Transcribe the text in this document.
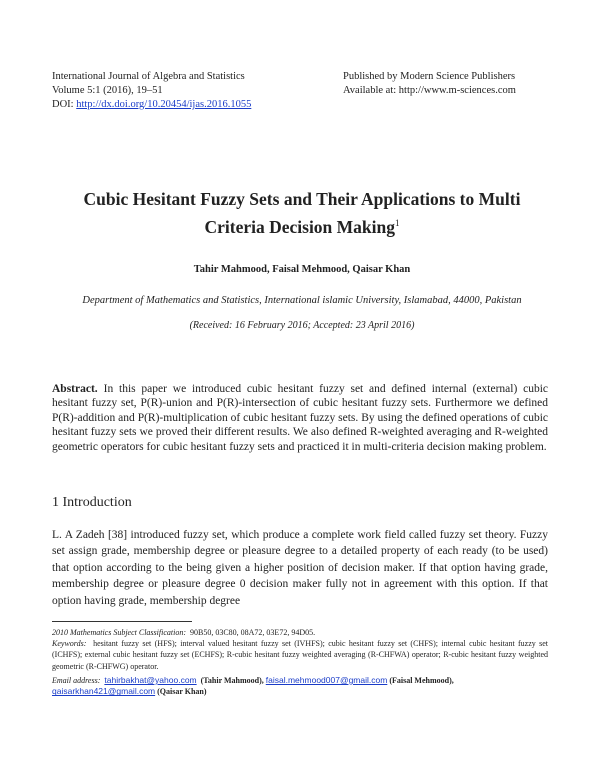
International Journal of Algebra and Statistics
Volume 5:1 (2016), 19–51
DOI: http://dx.doi.org/10.20454/ijas.2016.1055
Published by Modern Science Publishers
Available at: http://www.m-sciences.com
Cubic Hesitant Fuzzy Sets and Their Applications to Multi
Criteria Decision Making$^1$
Tahir Mahmood, Faisal Mehmood, Qaisar Khan
Department of Mathematics and Statistics, International islamic University, Islamabad, 44000, Pakistan
(Received: 16 February 2016; Accepted: 23 April 2016)
Abstract. In this paper we introduced cubic hesitant fuzzy set and defined internal (external) cubic hesitant fuzzy set, P(R)-union and P(R)-intersection of cubic hesitant fuzzy sets. Furthermore we defined P(R)-addition and P(R)-multiplication of cubic hesitant fuzzy sets. By using the defined operations of cubic hesitant fuzzy sets we proved their different results. We also defined R-weighted averaging and R-weighted geometric operators for cubic hesitant fuzzy sets and practiced it in multi-criteria decision making problem.
1 Introduction
L. A Zadeh [38] introduced fuzzy set, which produce a complete work field called fuzzy set theory. Fuzzy set assign grade, membership degree or pleasure degree to a detailed property of each ready (to be used) that option according to the being given a higher position of decision maker. If that option having grade, membership degree or pleasure degree 0 decision maker fully not in agreement with this option. If that option having grade, membership degree
2010 Mathematics Subject Classification: 90B50, 03C80, 08A72, 03E72, 94D05.
Keywords: hesitant fuzzy set (HFS); interval valued hesitant fuzzy set (IVHFS); cubic hesitant fuzzy set (CHFS); internal cubic hesitant fuzzy set (ICHFS); external cubic hesitant fuzzy set (ECHFS); R-cubic hesitant fuzzy weighted averaging (R-CHFWA) operator; R-cubic hesitant fuzzy weighted geometric (R-CHFWG) operator.
Email address: tahirbakhat@yahoo.com (Tahir Mahmood), faisal.mehmood007@gmail.com (Faisal Mehmood),
qaisarkhan421@gmail.com (Qaisar Khan)
